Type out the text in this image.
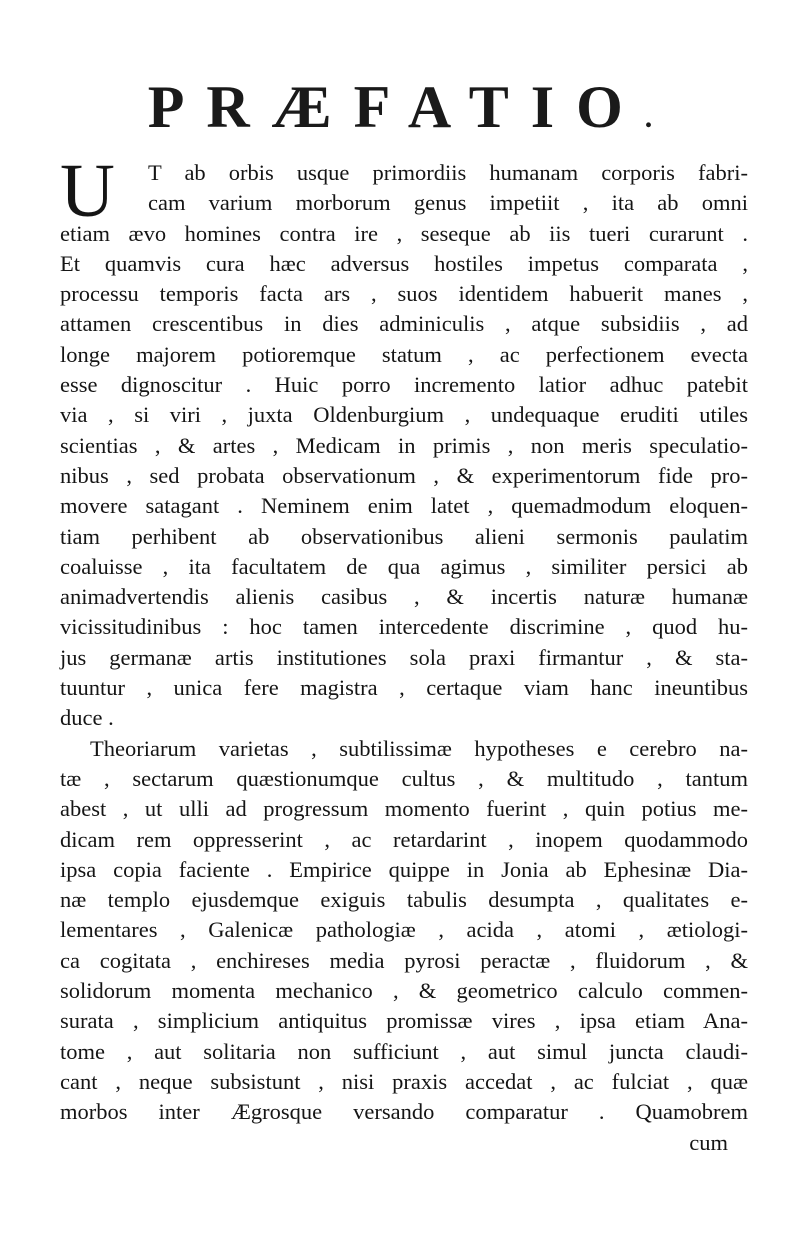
PRÆFATIO.
U	T ab orbis usque primordiis humanam corporis fabri-
cam varium morborum genus impetiit , ita ab omni
etiam ævo homines contra ire , seseque ab iis tueri curarunt .
Et quamvis cura hæc adversus hostiles impetus comparata ,
processu temporis facta ars , suos identidem habuerit manes ,
attamen crescentibus in dies adminiculis , atque subsidiis , ad
longe majorem potioremque statum , ac perfectionem evecta
esse dignoscitur . Huic porro incremento latior adhuc patebit
via , si viri , juxta Oldenburgium , undequaque eruditi utiles
scientias , & artes , Medicam in primis , non meris speculatio-
nibus , sed probata observationum , & experimentorum fide pro-
movere satagant . Neminem enim latet , quemadmodum eloquen-
tiam perhibent ab observationibus alieni sermonis paulatim
coaluisse , ita facultatem de qua agimus , similiter persici ab
animadvertendis alienis casibus , & incertis naturæ humanæ
vicissitudinibus : hoc tamen intercedente discrimine , quod hu-
jus germanæ artis institutiones sola praxi firmantur , & sta-
tuuntur , unica fere magistra , certaque viam hanc ineuntibus
duce .
Theoriarum varietas , subtilissimæ hypotheses e cerebro na-
tæ , sectarum quæstionumque cultus , & multitudo , tantum
abest , ut ulli ad progressum momento fuerint , quin potius me-
dicam rem oppresserint , ac retardarint , inopem quodammodo
ipsa copia faciente . Empirice quippe in Jonia ab Ephesinæ Dia-
næ templo ejusdemque exiguis tabulis desumpta , qualitates e-
lementares , Galenicæ pathologiæ , acida , atomi , ætiologi-
ca cogitata , enchireses media pyrosi peractæ , fluidorum , &
solidorum momenta mechanico , & geometrico calculo commen-
surata , simplicium antiquitus promissæ vires , ipsa etiam Ana-
tome , aut solitaria non sufficiunt , aut simul juncta claudi-
cant , neque subsistunt , nisi praxis accedat , ac fulciat , quæ
morbos inter Ægrosque versando comparatur . Quamobrem
cum
